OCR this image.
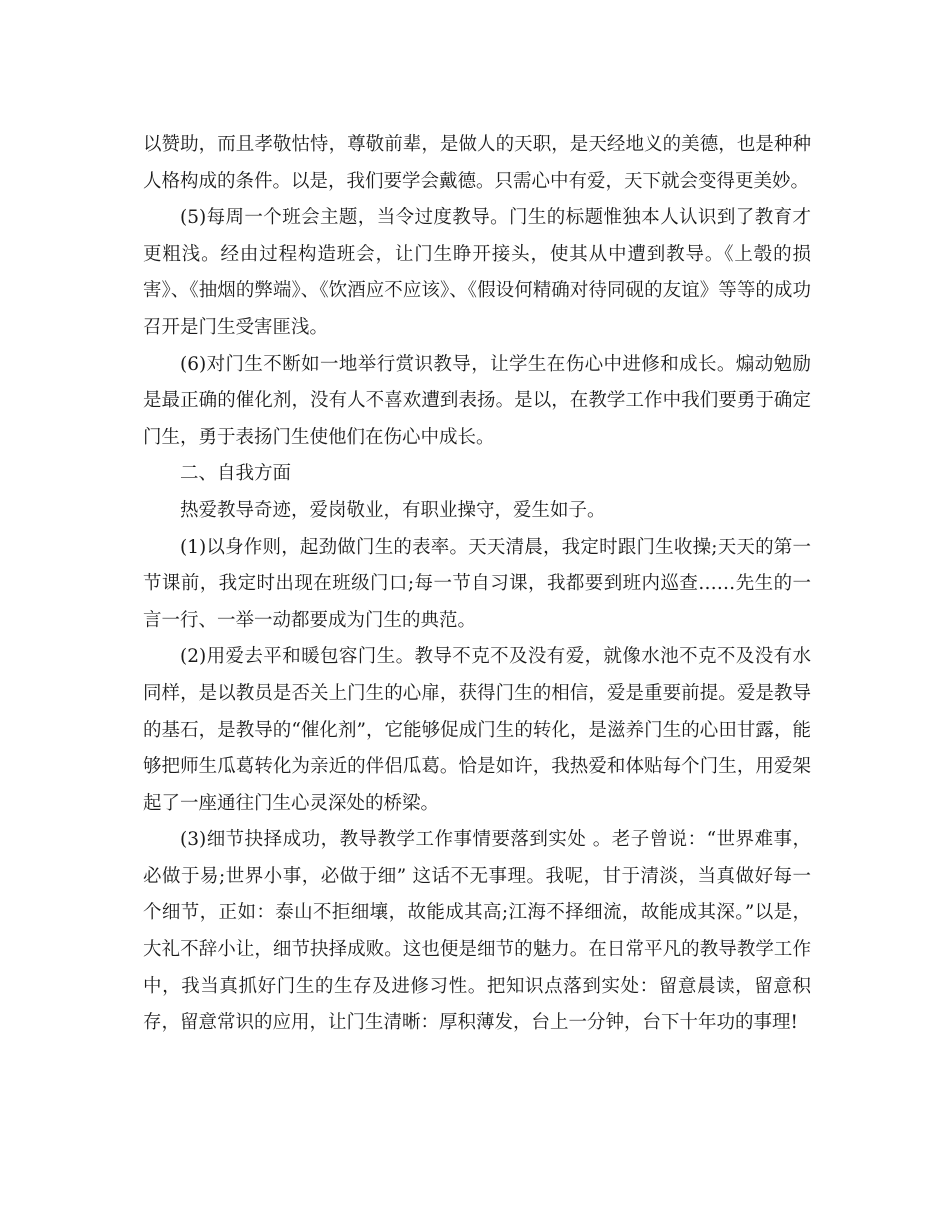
以赞助，而且孝敬怙恃，尊敬前辈，是做人的天职，是天经地义的美德，也是种种人格构成的条件。以是，我们要学会戴德。只需心中有爱，天下就会变得更美妙。

(5)每周一个班会主题，当令过度教导。门生的标题惟独本人认识到了教育才更粗浅。经由过程构造班会，让门生睁开接头，使其从中遭到教导。《上彀的损害》、《抽烟的弊端》、《饮酒应不应该》、《假设何精确对待同砚的友谊》等等的成功召开是门生受害匪浅。

(6)对门生不断如一地举行赏识教导，让学生在伤心中进修和成长。煽动勉励是最正确的催化剂，没有人不喜欢遭到表扬。是以，在教学工作中我们要勇于确定门生，勇于表扬门生使他们在伤心中成长。

二、自我方面

热爱教导奇迹，爱岗敬业，有职业操守，爱生如子。

(1)以身作则，起劲做门生的表率。天天清晨，我定时跟门生收操;天天的第一节课前，我定时出现在班级门口;每一节自习课，我都要到班内巡查……先生的一言一行、一举一动都要成为门生的典范。

(2)用爱去平和暖包容门生。教导不克不及没有爱，就像水池不克不及没有水同样，是以教员是否关上门生的心扉，获得门生的相信，爱是重要前提。爱是教导的基石，是教导的“催化剂”，它能够促成门生的转化，是滋养门生的心田甘露，能够把师生瓜葛转化为亲近的伴侣瓜葛。恰是如许，我热爱和体贴每个门生，用爱架起了一座通往门生心灵深处的桥梁。

(3)细节抉择成功，教导教学工作事情要落到实处 。老子曾说：“世界难事，必做于易;世界小事，必做于细” 这话不无事理。我呢，甘于清淡，当真做好每一个细节，正如：泰山不拒细壤，故能成其高;江海不择细流，故能成其深。”以是，大礼不辞小让，细节抉择成败。这也便是细节的魅力。在日常平凡的教导教学工作中，我当真抓好门生的生存及进修习性。把知识点落到实处：留意晨读，留意积存，留意常识的应用，让门生清晰：厚积薄发，台上一分钟，台下十年功的事理!
